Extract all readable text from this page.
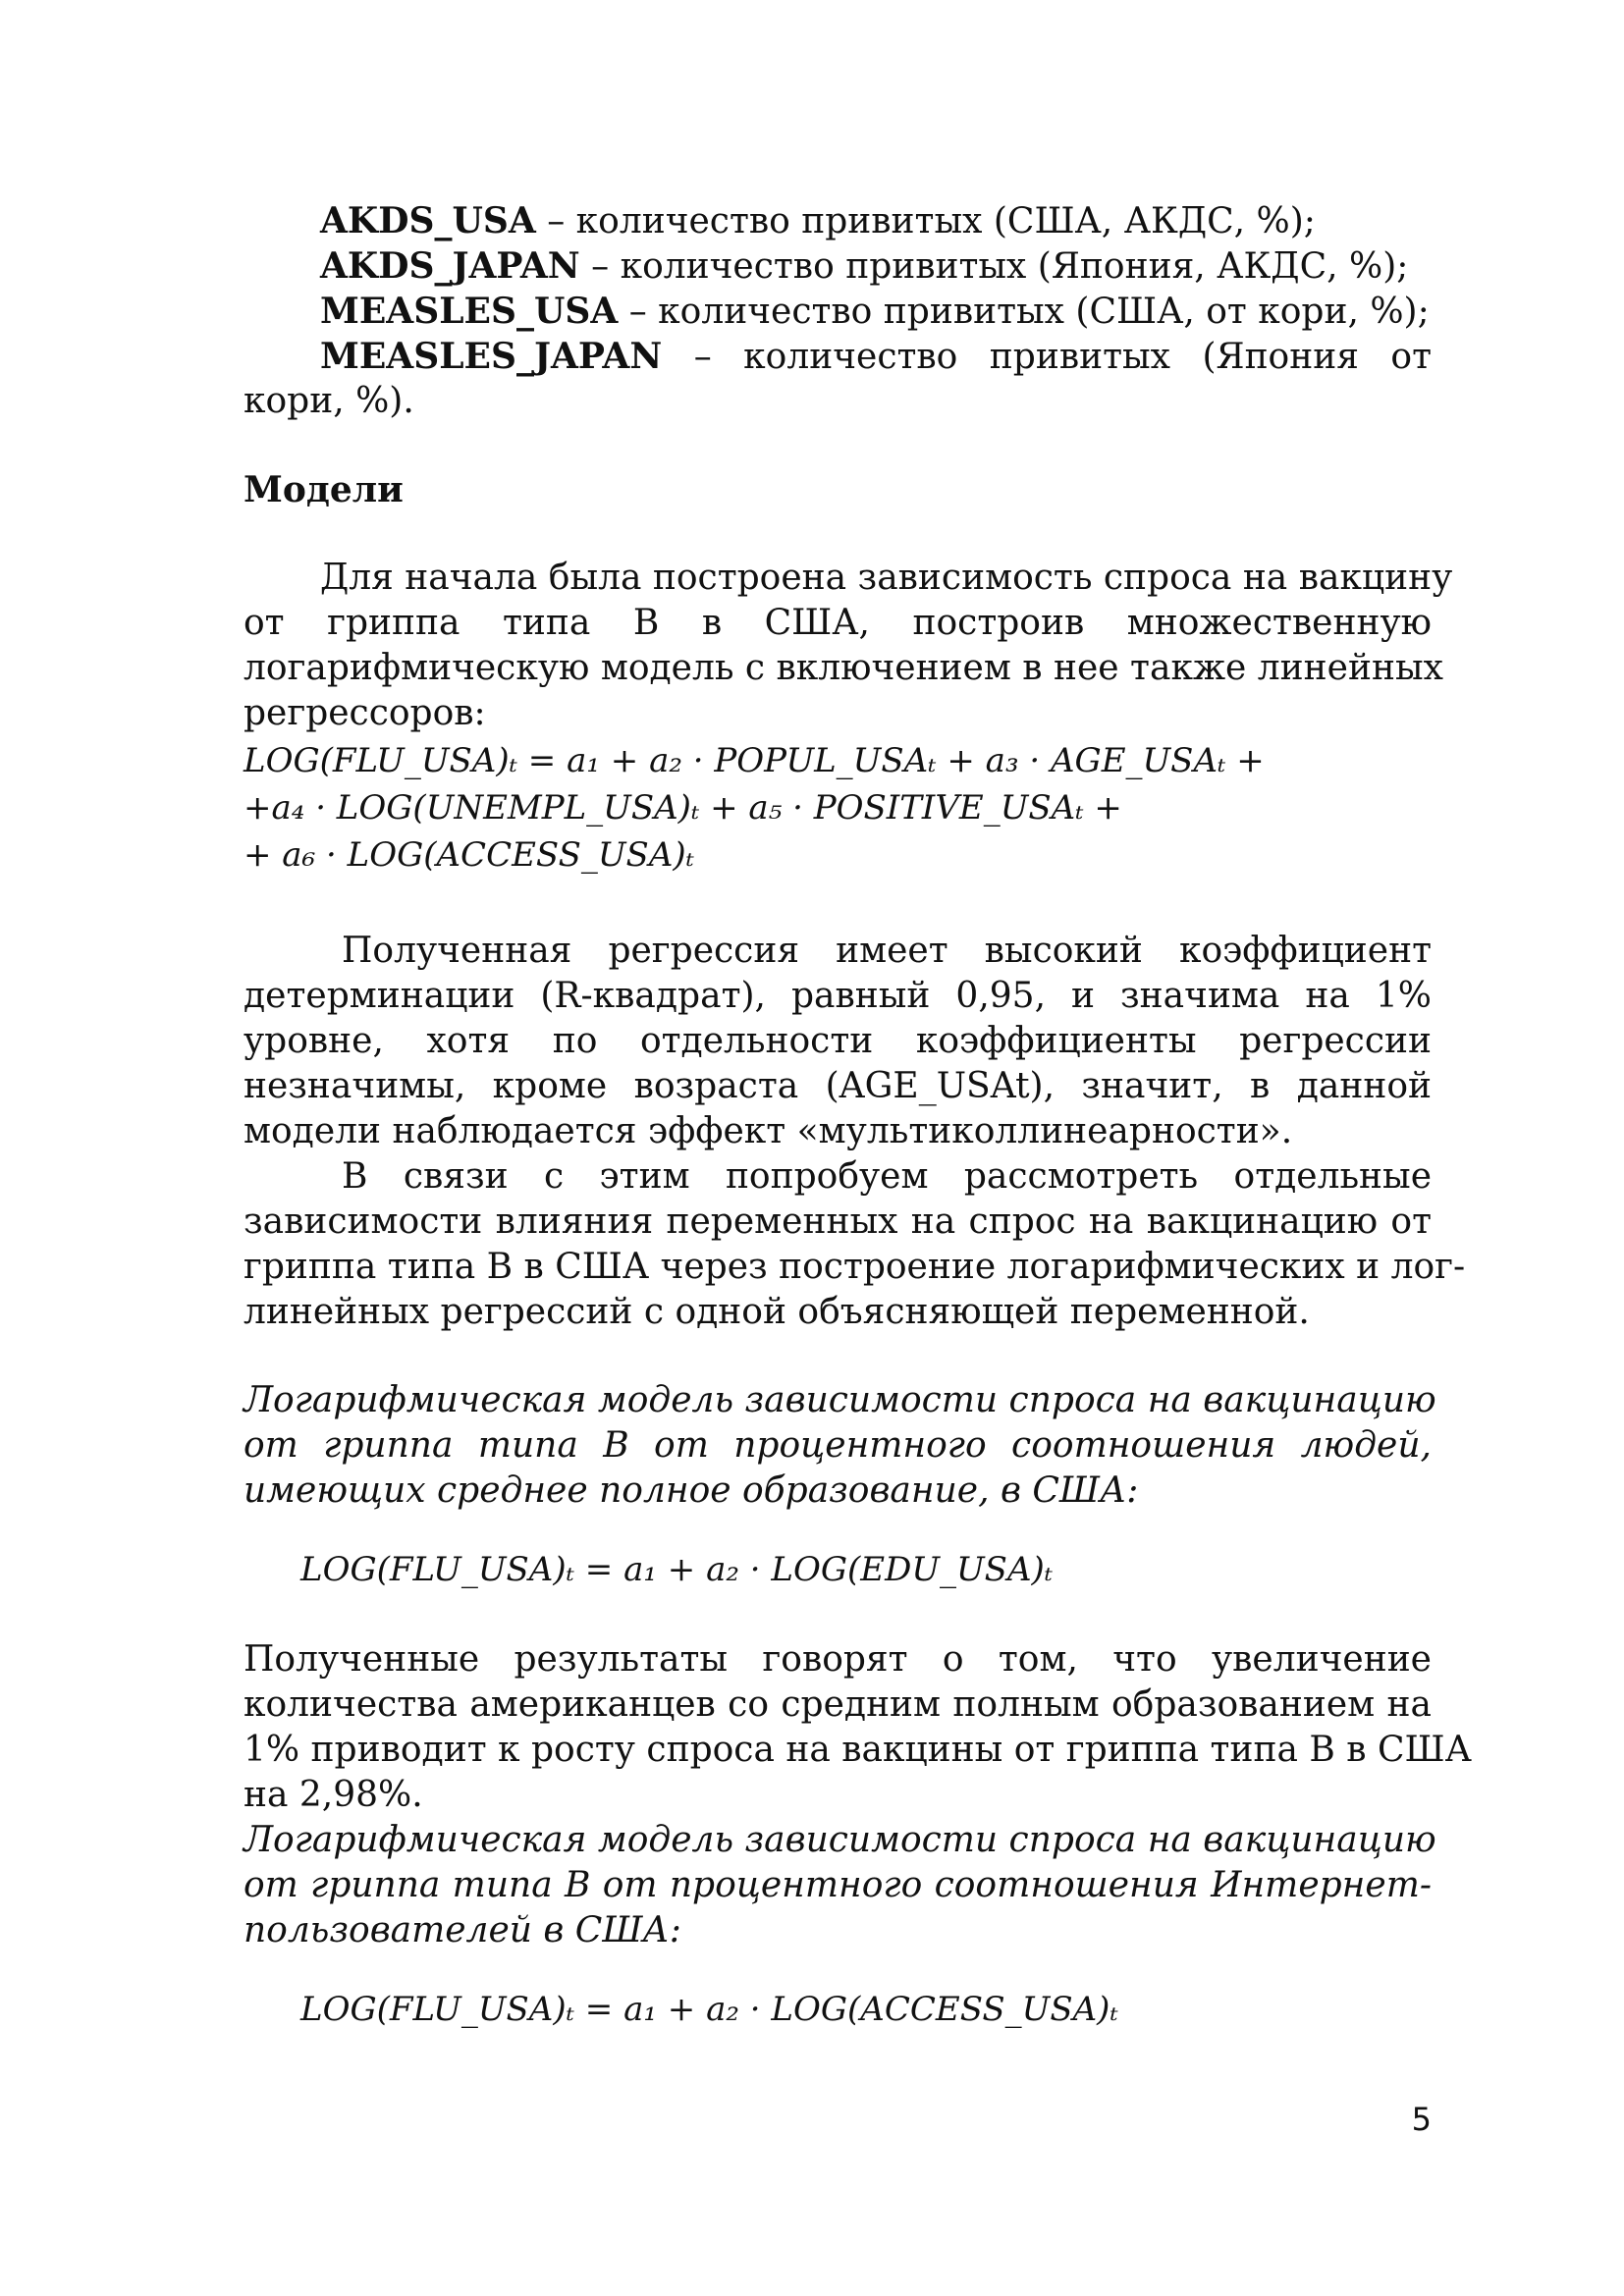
AKDS_USA – количество привитых (США, АКДС, %);
AKDS_JAPAN – количество привитых (Япония, АКДС, %);
MEASLES_USA – количество привитых (США, от кори, %);
MEASLES_JAPAN – количество привитых (Япония от
кори, %).
Модели
Для начала была построена зависимость спроса на вакцину
от гриппа типа B в США, построив множественную
логарифмическую модель с включением в нее также линейных
регрессоров:
LOG(FLU_USA)ₜ = a₁ + a₂ · POPUL_USAₜ + a₃ · AGE_USAₜ +
+a₄ · LOG(UNEMPL_USA)ₜ + a₅ · POSITIVE_USAₜ +
+ a₆ · LOG(ACCESS_USA)ₜ
Полученная регрессия имеет высокий коэффициент
детерминации (R-квадрат), равный 0,95, и значима на 1%
уровне, хотя по отдельности коэффициенты регрессии
незначимы, кроме возраста (AGE_USAt), значит, в данной
модели наблюдается эффект «мультиколлинеарности».
В связи с этим попробуем рассмотреть отдельные
зависимости влияния переменных на спрос на вакцинацию от
гриппа типа B в США через построение логарифмических и лог-
линейных регрессий с одной объясняющей переменной.
Логарифмическая модель зависимости спроса на вакцинацию
от гриппа типа B от процентного соотношения людей,
имеющих среднее полное образование, в США:
LOG(FLU_USA)ₜ = a₁ + a₂ · LOG(EDU_USA)ₜ
Полученные результаты говорят о том, что увеличение
количества американцев со средним полным образованием на
1% приводит к росту спроса на вакцины от гриппа типа B в США
на 2,98%.
Логарифмическая модель зависимости спроса на вакцинацию
от гриппа типа B от процентного соотношения Интернет-
пользователей в США:
LOG(FLU_USA)ₜ = a₁ + a₂ · LOG(ACCESS_USA)ₜ
5
